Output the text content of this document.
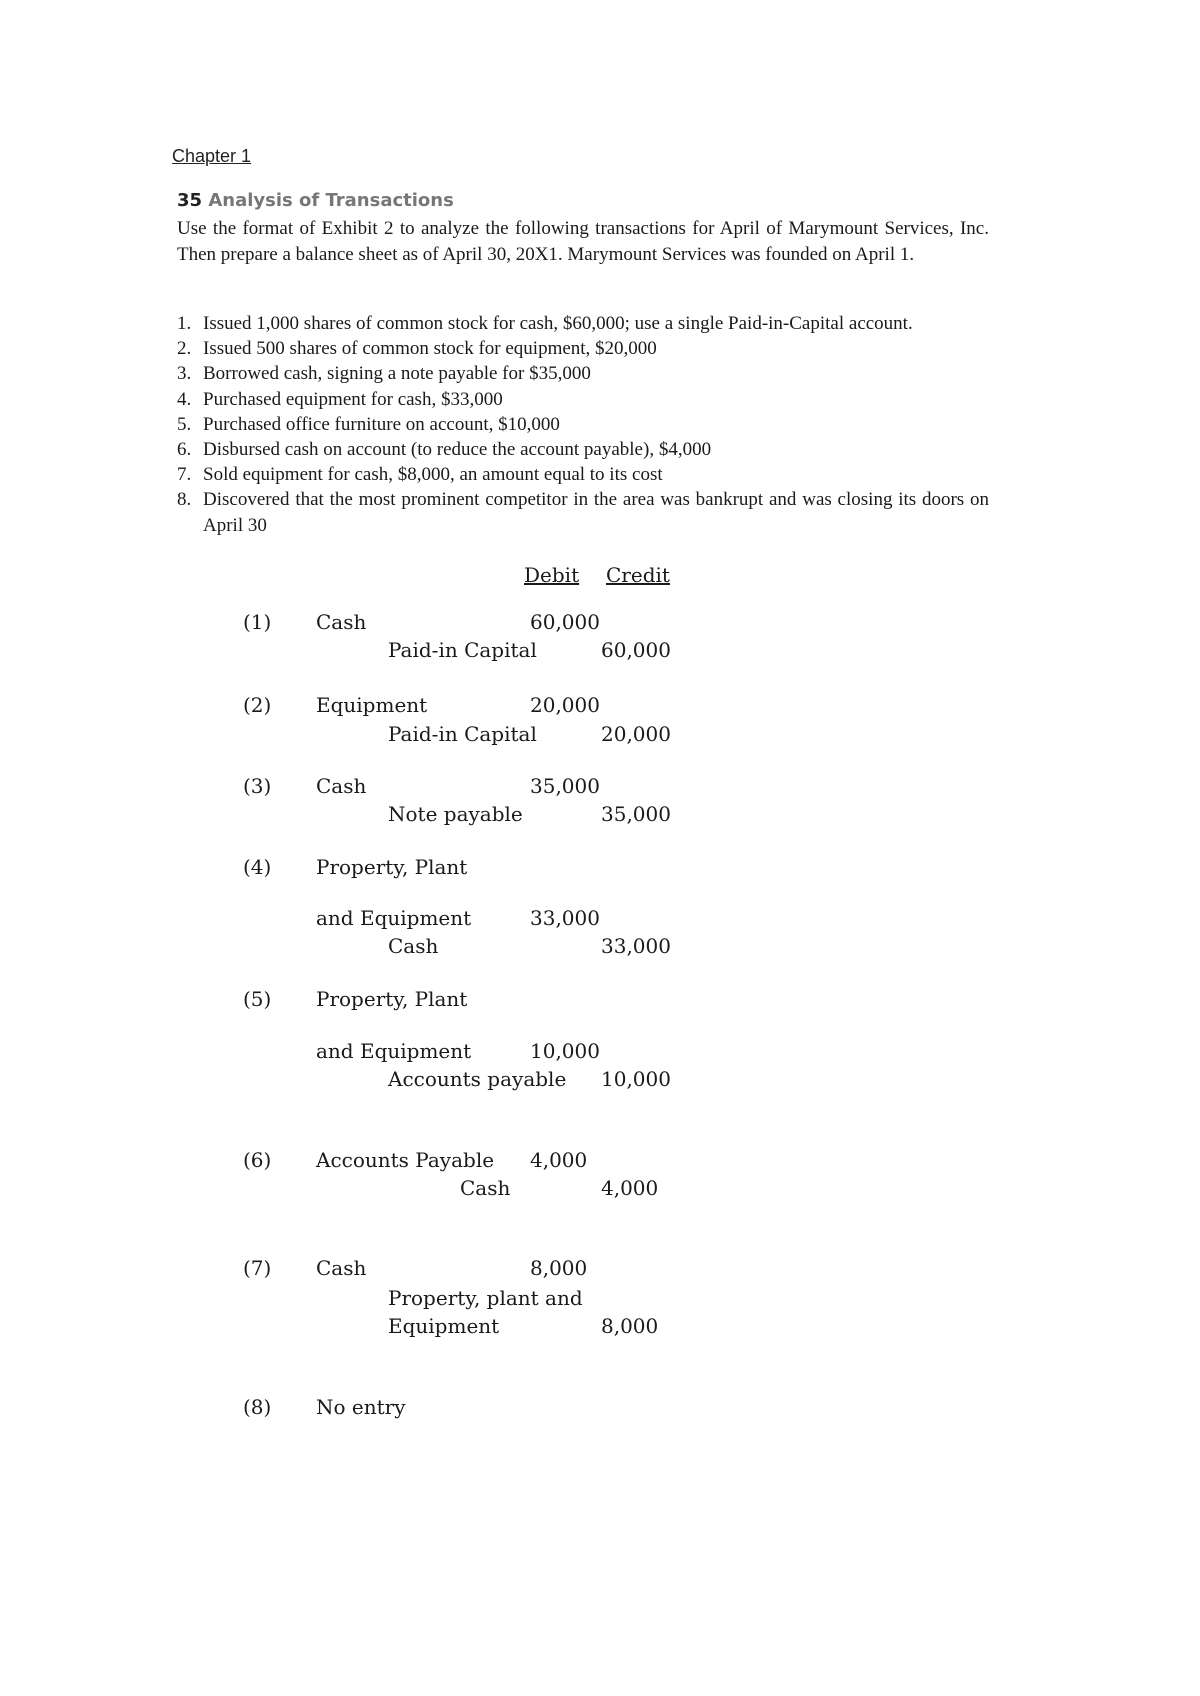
Chapter 1
35 Analysis of Transactions
Use the format of Exhibit 2 to analyze the following transactions for April of Marymount Services, Inc. Then prepare a balance sheet as of April 30, 20X1. Marymount Services was founded on April 1.
1. Issued 1,000 shares of common stock for cash, $60,000; use a single Paid-in-Capital account.
2. Issued 500 shares of common stock for equipment, $20,000
3. Borrowed cash, signing a note payable for $35,000
4. Purchased equipment for cash, $33,000
5. Purchased office furniture on account, $10,000
6. Disbursed cash on account (to reduce the account payable), $4,000
7. Sold equipment for cash, $8,000, an amount equal to its cost
8. Discovered that the most prominent competitor in the area was bankrupt and was closing its doors on April 30
Debit Credit
(1) Cash	60,000
Paid-in Capital	60,000
(2) Equipment	20,000
Paid-in Capital	20,000
(3) Cash	35,000
Note payable	35,000
(4) Property, Plant
and Equipment	33,000
Cash	33,000
(5) Property, Plant
and Equipment	10,000
Accounts payable 10,000
(6) Accounts Payable 4,000
Cash	4,000
(7) Cash	8,000
Property, plant and
Equipment	8,000
(8) No entry
